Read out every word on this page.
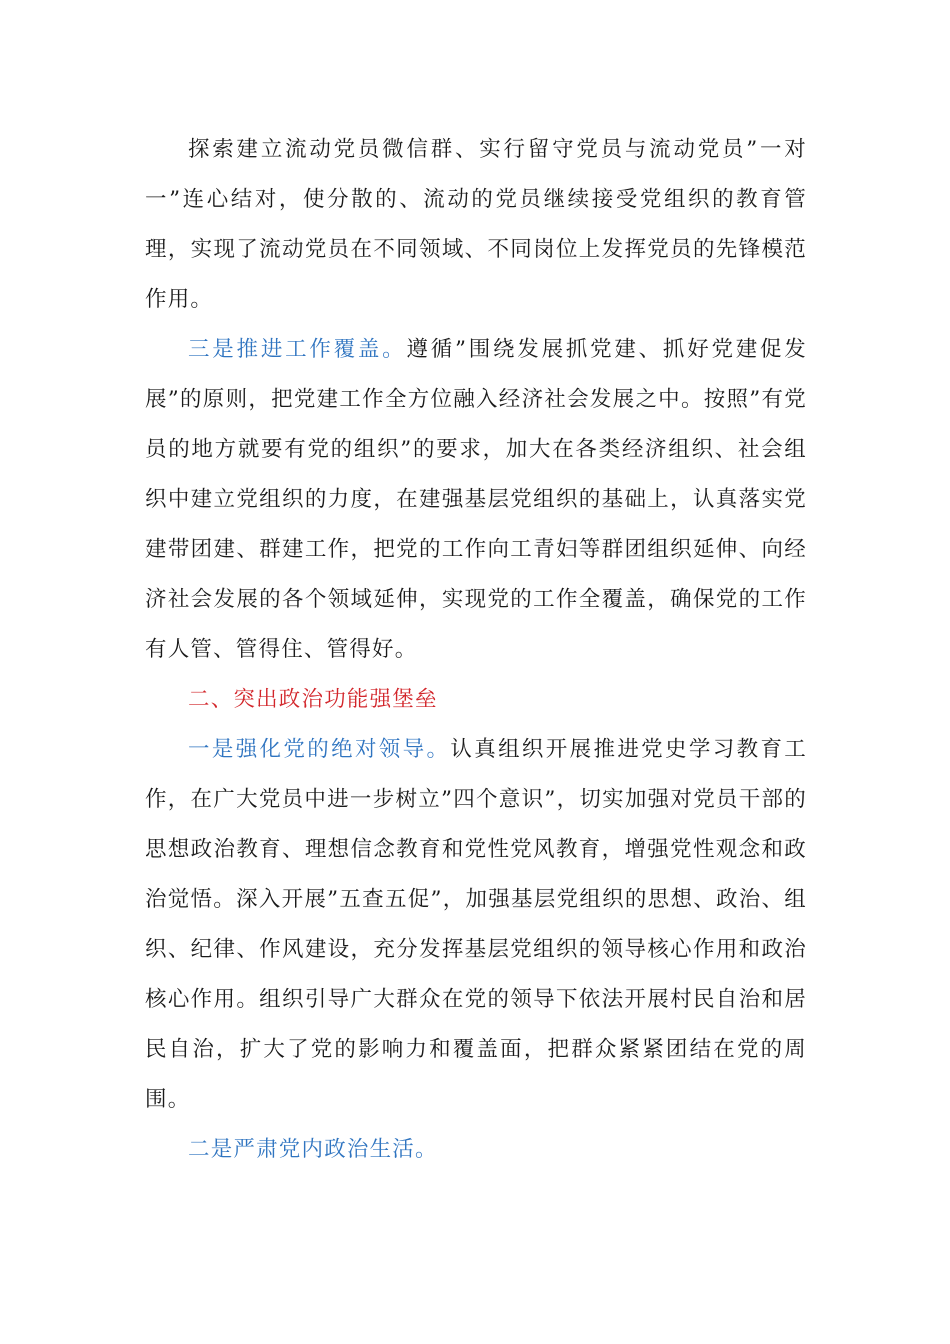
探索建立流动党员微信群、实行留守党员与流动党员”一对一”连心结对，使分散的、流动的党员继续接受党组织的教育管理，实现了流动党员在不同领域、不同岗位上发挥党员的先锋模范作用。

三是推进工作覆盖。遵循”围绕发展抓党建、抓好党建促发展”的原则，把党建工作全方位融入经济社会发展之中。按照”有党员的地方就要有党的组织”的要求，加大在各类经济组织、社会组织中建立党组织的力度，在建强基层党组织的基础上，认真落实党建带团建、群建工作，把党的工作向工青妇等群团组织延伸、向经济社会发展的各个领域延伸，实现党的工作全覆盖，确保党的工作有人管、管得住、管得好。

二、突出政治功能强堡垒

一是强化党的绝对领导。认真组织开展推进党史学习教育工作，在广大党员中进一步树立”四个意识”，切实加强对党员干部的思想政治教育、理想信念教育和党性党风教育，增强党性观念和政治觉悟。深入开展”五查五促”，加强基层党组织的思想、政治、组织、纪律、作风建设，充分发挥基层党组织的领导核心作用和政治核心作用。组织引导广大群众在党的领导下依法开展村民自治和居民自治，扩大了党的影响力和覆盖面，把群众紧紧团结在党的周围。

二是严肃党内政治生活。
